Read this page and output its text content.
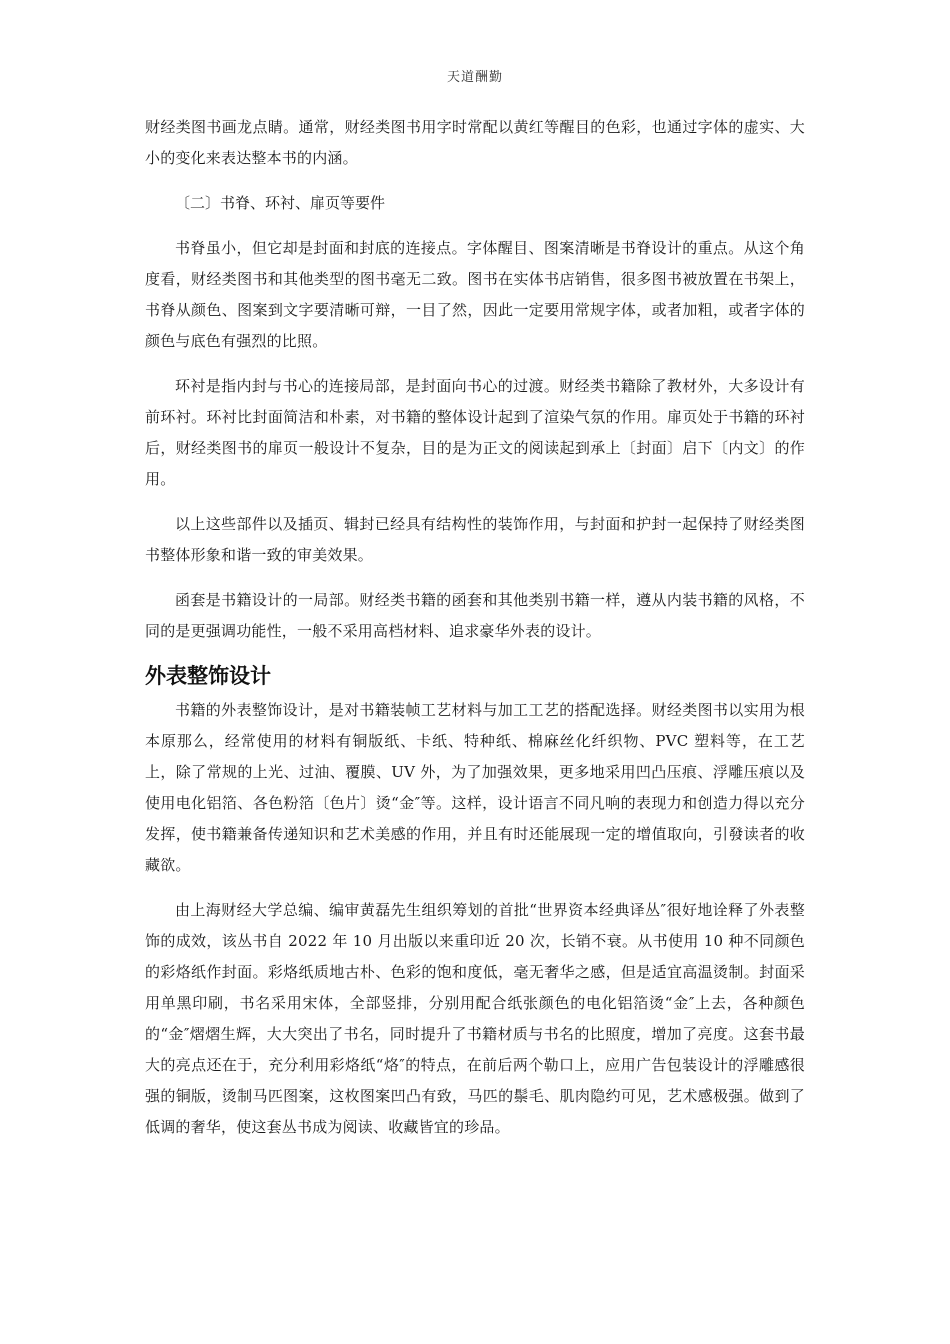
天道酬勤

财经类图书画龙点睛。通常，财经类图书用字时常配以黄红等醒目的色彩，也通过字体的虚实、大小的变化来表达整本书的内涵。

〔二〕书脊、环衬、扉页等要件

书脊虽小，但它却是封面和封底的连接点。字体醒目、图案清晰是书脊设计的重点。从这个角度看，财经类图书和其他类型的图书毫无二致。图书在实体书店销售，很多图书被放置在书架上，书脊从颜色、图案到文字要清晰可辩，一目了然，因此一定要用常规字体，或者加粗，或者字体的颜色与底色有强烈的比照。

环衬是指内封与书心的连接局部，是封面向书心的过渡。财经类书籍除了教材外，大多设计有前环衬。环衬比封面简洁和朴素，对书籍的整体设计起到了渲染气氛的作用。扉页处于书籍的环衬后，财经类图书的扉页一般设计不复杂，目的是为正文的阅读起到承上〔封面〕启下〔内文〕的作用。

以上这些部件以及插页、辑封已经具有结构性的装饰作用，与封面和护封一起保持了财经类图书整体形象和谐一致的审美效果。

函套是书籍设计的一局部。财经类书籍的函套和其他类别书籍一样，遵从内装书籍的风格，不同的是更强调功能性，一般不采用高档材料、追求豪华外表的设计。

外表整饰设计

书籍的外表整饰设计，是对书籍装帧工艺材料与加工工艺的搭配选择。财经类图书以实用为根本原那么，经常使用的材料有铜版纸、卡纸、特种纸、棉麻丝化纤织物、PVC 塑料等，在工艺上，除了常规的上光、过油、覆膜、UV 外，为了加强效果，更多地采用凹凸压痕、浮雕压痕以及使用电化铝箔、各色粉箔〔色片〕烫“金″等。这样，设计语言不同凡响的表现力和创造力得以充分发挥，使书籍兼备传递知识和艺术美感的作用，并且有时还能展现一定的增值取向，引發读者的收藏欲。

由上海财经大学总编、编审黄磊先生组织筹划的首批“世界资本经典译丛″很好地诠释了外表整饰的成效，该丛书自 2022 年 10 月出版以来重印近 20 次，长销不衰。从书使用 10 种不同颜色的彩烙纸作封面。彩烙纸质地古朴、色彩的饱和度低，毫无奢华之感，但是适宜高温烫制。封面采用单黑印刷，书名采用宋体，全部竖排，分别用配合纸张颜色的电化铝箔烫“金″上去，各种颜色的“金″熠熠生辉，大大突出了书名，同时提升了书籍材质与书名的比照度，增加了亮度。这套书最大的亮点还在于，充分利用彩烙纸“烙″的特点，在前后两个勒口上，应用广告包装设计的浮雕感很强的铜版，烫制马匹图案，这枚图案凹凸有致，马匹的鬃毛、肌肉隐约可见，艺术感极强。做到了低调的奢华，使这套丛书成为阅读、收藏皆宜的珍品。
